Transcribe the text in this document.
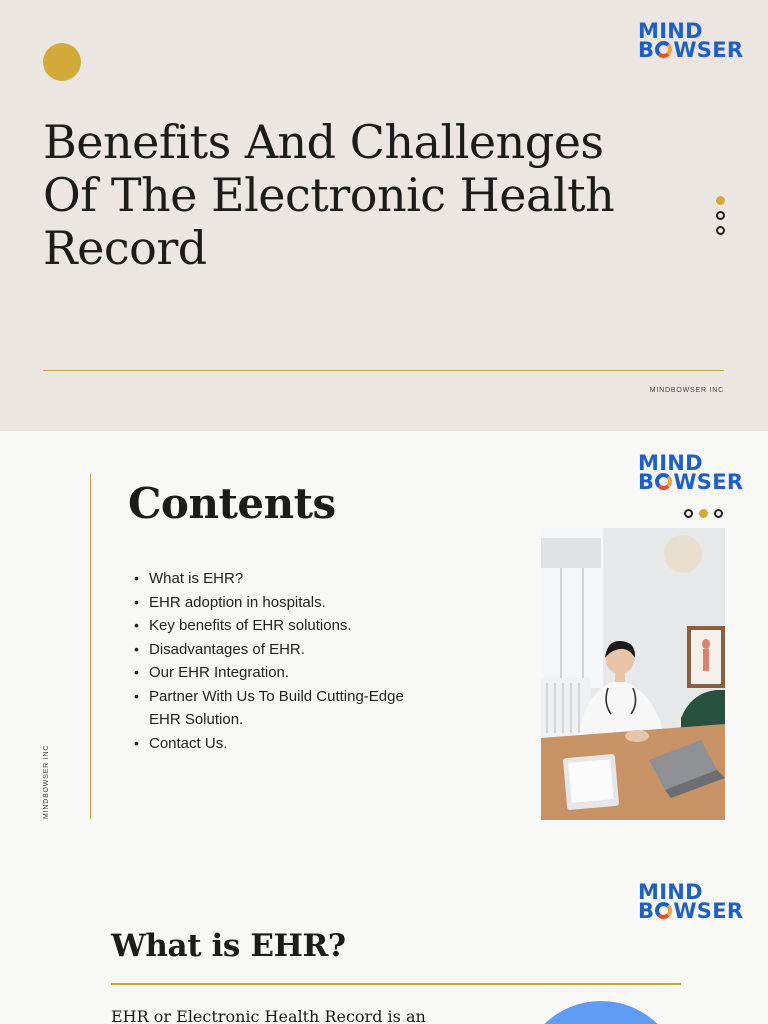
MIND
B WSER
Benefits And Challenges Of The Electronic Health Record
MINDBOWSER INC
MINDBOWSER INC
Contents
MIND
B WSER
• What is EHR?
• EHR adoption in hospitals.
• Key benefits of EHR solutions.
• Disadvantages of EHR.
• Our EHR Integration.
• Partner With Us To Build Cutting-Edge EHR Solution.
• Contact Us.
MIND
B WSER
What is EHR?

EHR or Electronic Health Record is an
